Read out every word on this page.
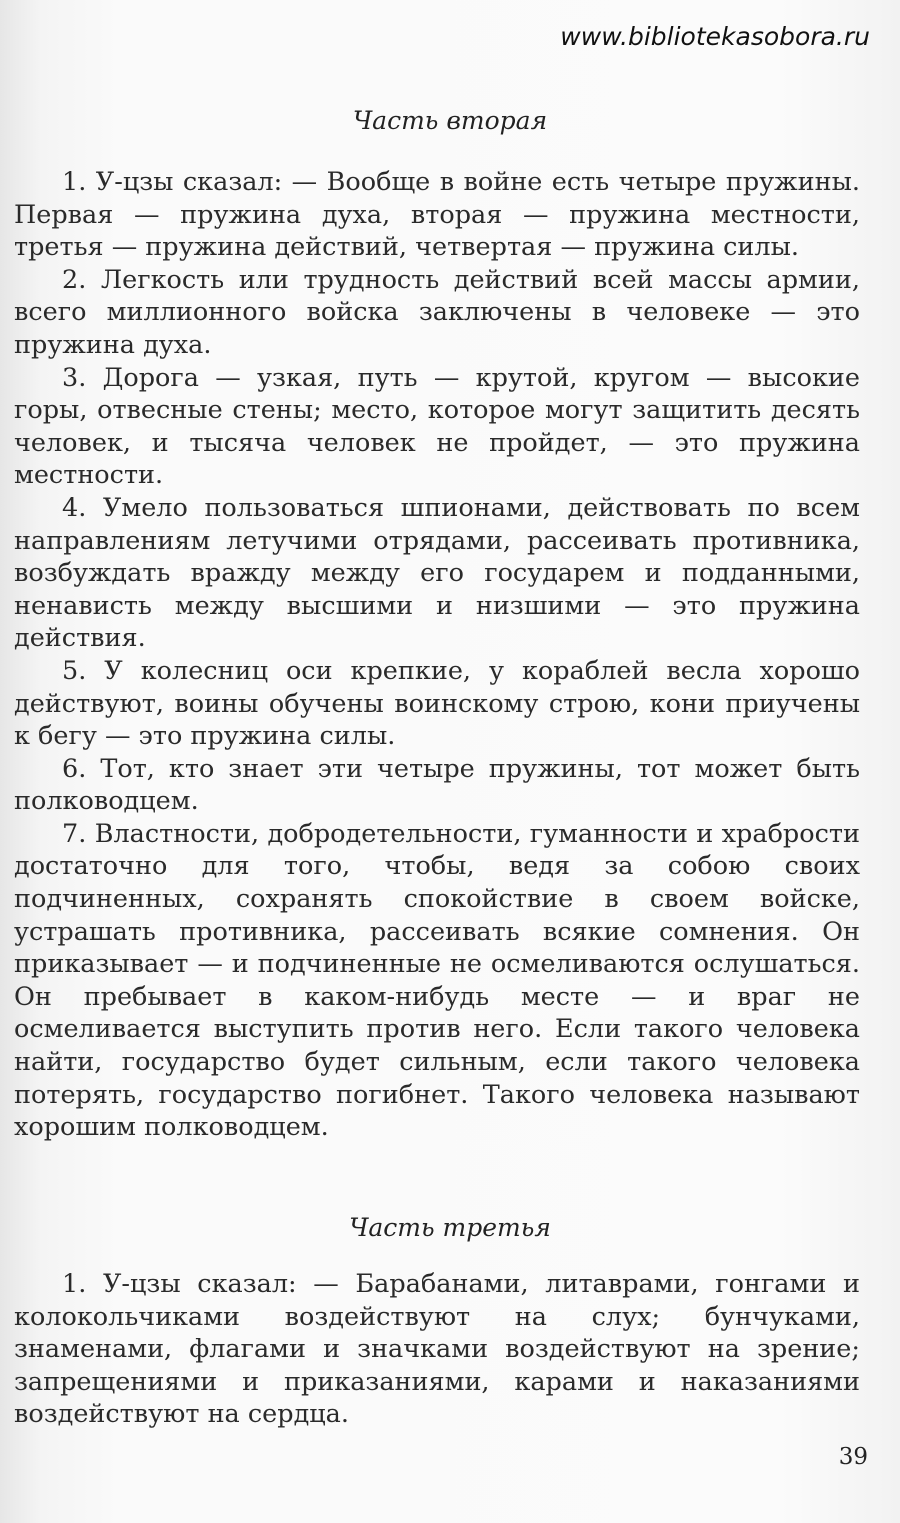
www.bibliotekasobora.ru
Часть вторая

1. У-цзы сказал: — Вообще в войне есть четыре пружины. Первая — пружина духа, вторая — пружина местности, третья — пружина действий, четвертая — пружина силы.

2. Легкость или трудность действий всей массы армии, всего миллионного войска заключены в человеке — это пружина духа.

3. Дорога — узкая, путь — крутой, кругом — высокие горы, отвесные стены; место, которое могут защитить десять человек, и тысяча человек не пройдет, — это пружина местности.

4. Умело пользоваться шпионами, действовать по всем направлениям летучими отрядами, рассеивать противника, возбуждать вражду между его государем и подданными, ненависть между высшими и низшими — это пружина действия.

5. У колесниц оси крепкие, у кораблей весла хорошо действуют, воины обучены воинскому строю, кони приучены к бегу — это пружина силы.

6. Тот, кто знает эти четыре пружины, тот может быть полководцем.

7. Властности, добродетельности, гуманности и храбрости достаточно для того, чтобы, ведя за собою своих подчиненных, сохранять спокойствие в своем войске, устрашать противника, рассеивать всякие сомнения. Он приказывает — и подчиненные не осмеливаются ослушаться. Он пребывает в каком-нибудь месте — и враг не осмеливается выступить против него. Если такого человека найти, государство будет сильным, если такого человека потерять, государство погибнет. Такого человека называют хорошим полководцем.

Часть третья

1. У-цзы сказал: — Барабанами, литаврами, гонгами и колокольчиками воздействуют на слух; бунчуками, знаменами, флагами и значками воздействуют на зрение; запрещениями и приказаниями, карами и наказаниями воздействуют на сердца.

39
